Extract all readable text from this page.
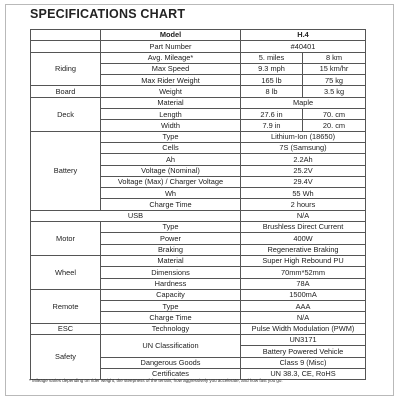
SPECIFICATIONS CHART
	Model	H.4	
	Part Number	#40401	
Riding	Avg. Mileage*	5. miles	8 km
	Max Speed	9.3 mph	15 km/hr
	Max Rider Weight	165 lb	75 kg
Board	Weight	8 lb	3.5 kg
Deck	Material	Maple	
	Length	27.6 in	70. cm
	Width	7.9 in	20. cm
Battery	Type	Lithium-Ion (18650)	
	Cells	7S (Samsung)	
	Ah	2.2Ah	
	Voltage (Nominal)	25.2V	
	Voltage (Max) / Charger Voltage	29.4V	
	Wh	55 Wh	
	Charge Time	2 hours	
USB		N/A	
Motor	Type	Brushless Direct Current	
	Power	400W	
	Braking	Regenerative Braking	
Wheel	Material	Super High Rebound PU	
	Dimensions	70mm*52mm	
	Hardness	78A	
Remote	Capacity	1500mA	
	Type	AAA	
	Charge Time	N/A	
ESC	Technology	Pulse Width Modulation (PWM)	
Safety	UN Classification	UN3171	
		Battery Powered Vehicle	
	Dangerous Goods	Class 9 (Misc)	
	Certificates	UN 38.3, CE, RoHS	
* Mileage varies depending on rider weight, the steepness of the terrain, how aggressively you accelerate, and how fast you go.
